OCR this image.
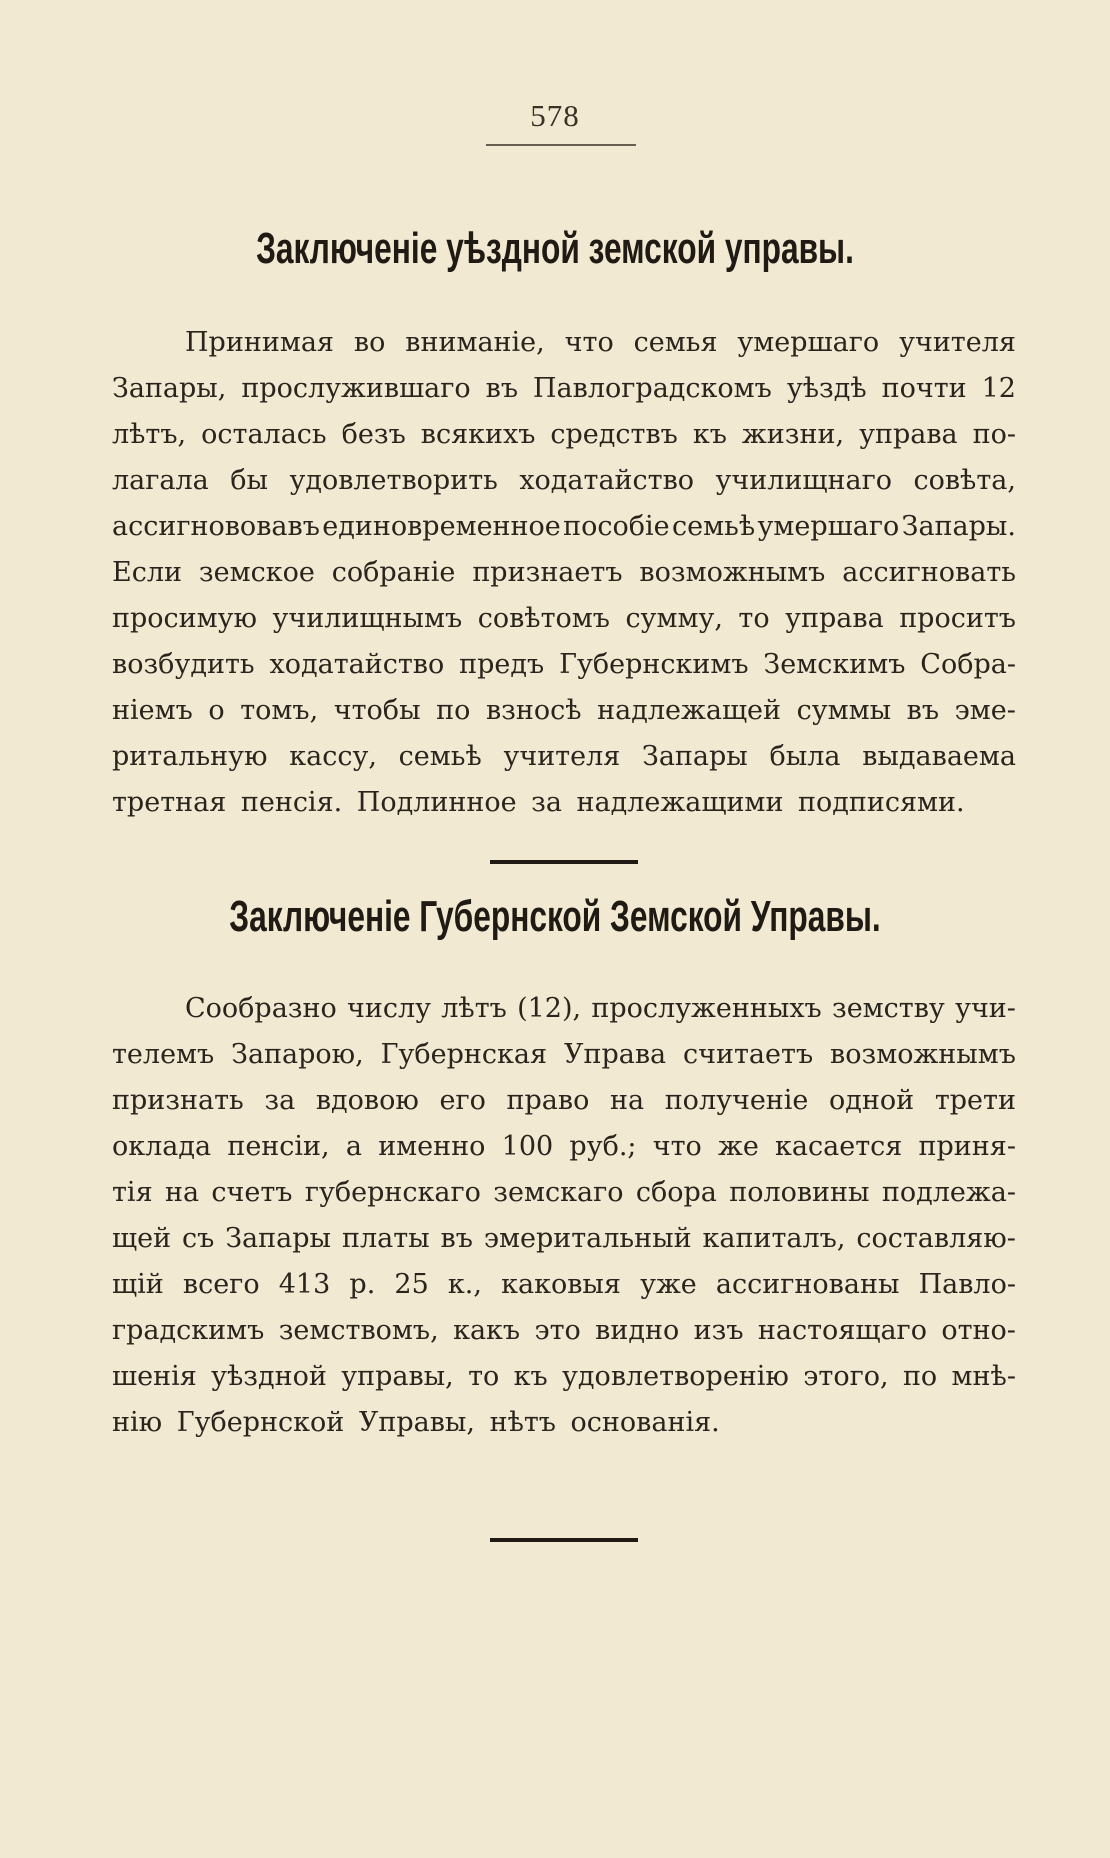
578
Заключеніе уѣздной земской управы.
Принимая во вниманіе, что семья умершаго учителя
Запары, прослужившаго въ Павлоградскомъ уѣздѣ почти 12
лѣтъ, осталась безъ всякихъ средствъ къ жизни, управа по-
лагала бы удовлетворить ходатайство училищнаго совѣта,
ассигнововавъ единовременное пособіе семьѣ умершаго Запары.
Если земское собраніе признаетъ возможнымъ ассигновать
просимую училищнымъ совѣтомъ сумму, то управа проситъ
возбудить ходатайство предъ Губернскимъ Земскимъ Собра-
ніемъ о томъ, чтобы по взносѣ надлежащей суммы въ эме-
ритальную кассу, семьѣ учителя Запары была выдаваема
третная пенсія. Подлинное за надлежащими подписями.
Заключеніе Губернской Земской Управы.
Сообразно числу лѣтъ (12), прослуженныхъ земству учи-
телемъ Запарою, Губернская Управа считаетъ возможнымъ
признать за вдовою его право на полученіе одной трети
оклада пенсіи, а именно 100 руб.; что же касается приня-
тія на счетъ губернскаго земскаго сбора половины подлежа-
щей съ Запары платы въ эмеритальный капиталъ, составляю-
щій всего 413 р. 25 к., каковыя уже ассигнованы Павло-
градскимъ земствомъ, какъ это видно изъ настоящаго отно-
шенія уѣздной управы, то къ удовлетворенію этого, по мнѣ-
нію Губернской Управы, нѣтъ основанія.
